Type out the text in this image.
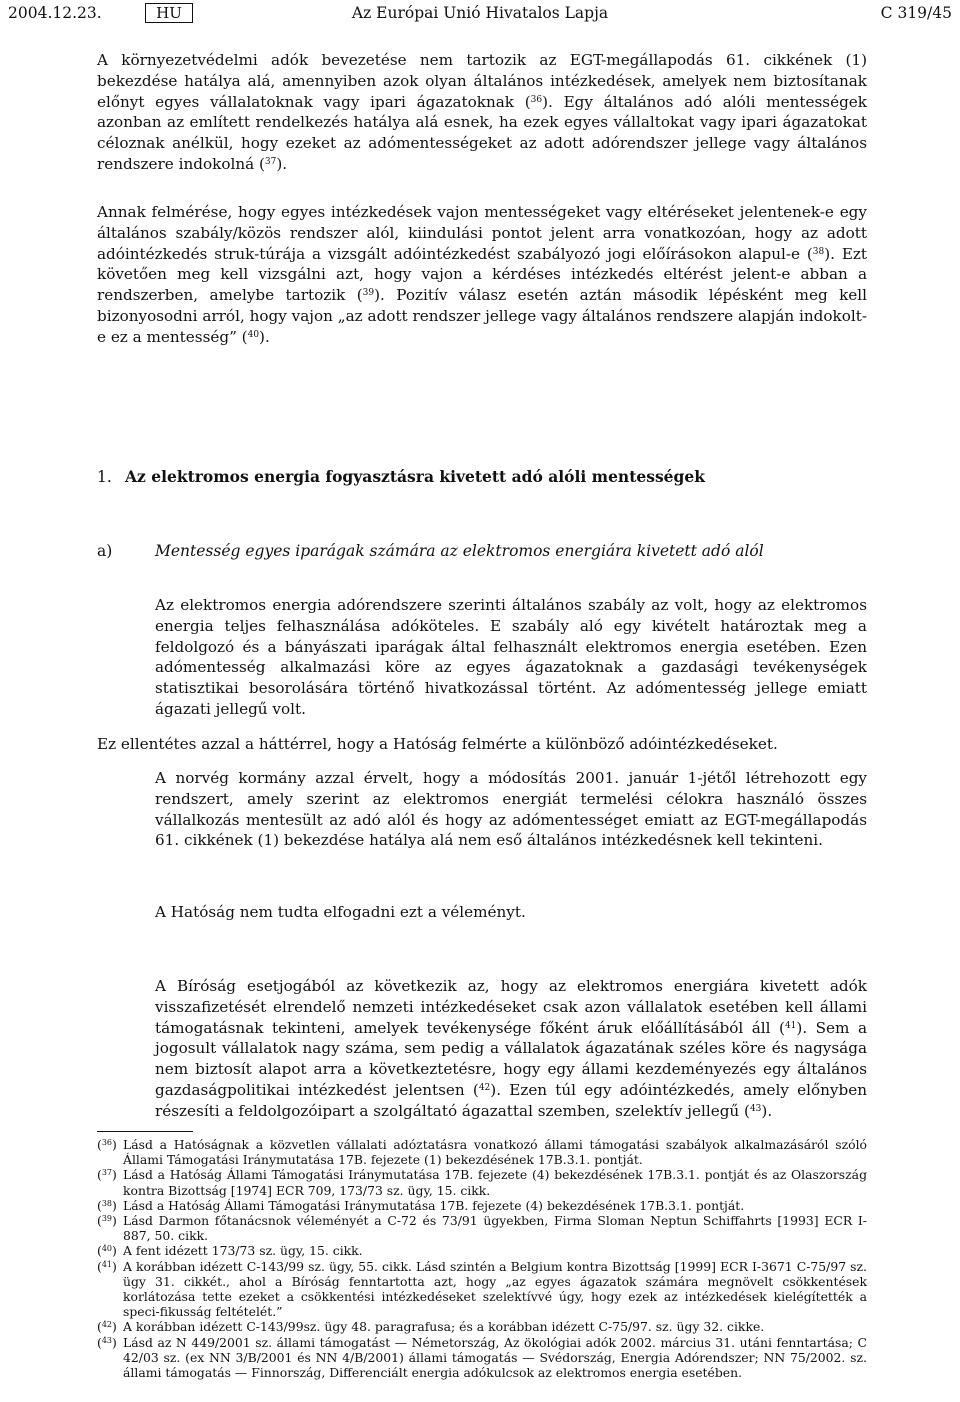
2004.12.23.	HU	Az Európai Unió Hivatalos Lapja	C 319/45

A környezetvédelmi adók bevezetése nem tartozik az EGT-megállapodás 61. cikkének (1) bekezdése hatálya alá, amennyiben azok olyan általános intézkedések, amelyek nem biztosítanak előnyt egyes vállalatoknak vagy ipari ágazatoknak ($^{36}$). Egy általános adó alóli mentességek azonban az említett rendelkezés hatálya alá esnek, ha ezek egyes vállaltokat vagy ipari ágazatokat céloznak anélkül, hogy ezeket az adómentességeket az adott adórendszer jellege vagy általános rendszere indokolná ($^{37}$).

Annak felmérése, hogy egyes intézkedések vajon mentességeket vagy eltéréseket jelentenek-e egy általános szabály/közös rendszer alól, kiindulási pontot jelent arra vonatkozóan, hogy az adott adóintézkedés struk-túrája a vizsgált adóintézkedést szabályozó jogi előírásokon alapul-e ($^{38}$). Ezt követően meg kell vizsgálni azt, hogy vajon a kérdéses intézkedés eltérést jelent-e abban a rendszerben, amelybe tartozik ($^{39}$). Pozitív válasz esetén aztán második lépésként meg kell bizonyosodni arról, hogy vajon „az adott rendszer jellege vagy általános rendszere alapján indokolt-e ez a mentesség” ($^{40}$).

Ez ellentétes azzal a háttérrel, hogy a Hatóság felmérte a különböző adóintézkedéseket.

1. Az elektromos energia fogyasztásra kivetett adó alóli mentességek
a)	Mentesség egyes iparágak számára az elektromos energiára kivetett adó alól

Az elektromos energia adórendszere szerinti általános szabály az volt, hogy az elektromos energia teljes felhasználása adóköteles. E szabály aló egy kivételt határoztak meg a feldolgozó és a bányászati iparágak által felhasznált elektromos energia esetében. Ezen adómentesség alkalmazási köre az egyes ágazatoknak a gazdasági tevékenységek statisztikai besorolására történő hivatkozással történt. Az adómentesség jellege emiatt ágazati jellegű volt.

A norvég kormány azzal érvelt, hogy a módosítás 2001. január 1-jétől létrehozott egy rendszert, amely szerint az elektromos energiát termelési célokra használó összes vállalkozás mentesült az adó alól és hogy az adómentességet emiatt az EGT-megállapodás 61. cikkének (1) bekezdése hatálya alá nem eső általános intézkedésnek kell tekinteni.

A Hatóság nem tudta elfogadni ezt a véleményt.

A Bíróság esetjogából az következik az, hogy az elektromos energiára kivetett adók visszafizetését elrendelő nemzeti intézkedéseket csak azon vállalatok esetében kell állami támogatásnak tekinteni, amelyek tevékenysége főként áruk előállításából áll ($^{41}$). Sem a jogosult vállalatok nagy száma, sem pedig a vállalatok ágazatának széles köre és nagysága nem biztosít alapot arra a következtetésre, hogy egy állami kezdeményezés egy általános gazdaságpolitikai intézkedést jelentsen ($^{42}$). Ezen túl egy adóintézkedés, amely előnyben részesíti a feldolgozóipart a szolgáltató ágazattal szemben, szelektív jellegű ($^{43}$).

($^{36}$) Lásd a Hatóságnak a közvetlen vállalati adóztatásra vonatkozó állami támogatási szabályok alkalmazásáról szóló Állami Támogatási Iránymutatása 17B. fejezete (1) bekezdésének 17B.3.1. pontját.

($^{37}$) Lásd a Hatóság Állami Támogatási Iránymutatása 17B. fejezete (4) bekezdésének 17B.3.1. pontját és az Olaszország kontra Bizottság [1974] ECR 709, 173/73 sz. ügy, 15. cikk.

($^{38}$) Lásd a Hatóság Állami Támogatási Iránymutatása 17B. fejezete (4) bekezdésének 17B.3.1. pontját.

($^{39}$) Lásd Darmon főtanácsnok véleményét a C-72 és 73/91 ügyekben, Firma Sloman Neptun Schiffahrts [1993] ECR I-887, 50. cikk.

($^{40}$) A fent idézett 173/73 sz. ügy, 15. cikk.

($^{41}$) A korábban idézett C-143/99 sz. ügy, 55. cikk. Lásd szintén a Belgium kontra Bizottság [1999] ECR I-3671 C-75/97 sz. ügy 31. cikkét., ahol a Bíróság fenntartotta azt, hogy „az egyes ágazatok számára megnövelt csökkentések korlátozása tette ezeket a csökkentési intézkedéseket szelektívvé úgy, hogy ezek az intézkedések kielégítették a speci-fikusság feltételét.”

($^{42}$) A korábban idézett C-143/99sz. ügy 48. paragrafusa; és a korábban idézett C-75/97. sz. ügy 32. cikke.

($^{43}$) Lásd az N 449/2001 sz. állami támogatást — Németország, Az ökológiai adók 2002. március 31. utáni fenntartása; C 42/03 sz. (ex NN 3/B/2001 és NN 4/B/2001) állami támogatás — Svédország, Energia Adórendszer; NN 75/2002. sz. állami támogatás — Finnország, Differenciált energia adókulcsok az elektromos energia esetében.
